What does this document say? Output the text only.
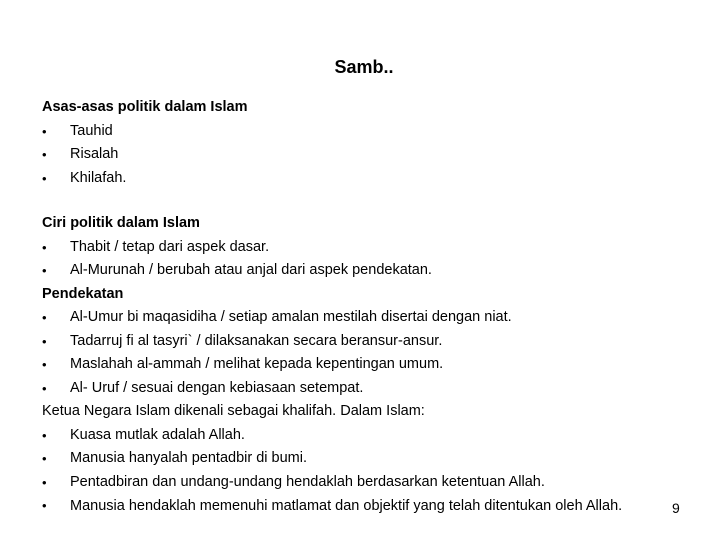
Samb..
Asas-asas politik dalam Islam
•	Tauhid
•	Risalah
•	Khilafah.
Ciri politik dalam Islam
•	Thabit / tetap dari aspek dasar.
•	Al-Murunah / berubah atau anjal dari aspek pendekatan.
Pendekatan
•	Al-Umur bi maqasidiha / setiap amalan mestilah disertai dengan niat.
•	Tadarruj fi al tasyri` / dilaksanakan secara beransur-ansur.
•	Maslahah al-ammah / melihat kepada kepentingan umum.
•	Al- Uruf / sesuai dengan kebiasaan setempat.
Ketua Negara Islam dikenali sebagai khalifah. Dalam Islam:
•	Kuasa mutlak adalah Allah.
•	Manusia hanyalah pentadbir di bumi.
•	Pentadbiran dan undang-undang hendaklah berdasarkan ketentuan Allah.
•	Manusia hendaklah memenuhi matlamat dan objektif yang telah ditentukan oleh Allah.	9
